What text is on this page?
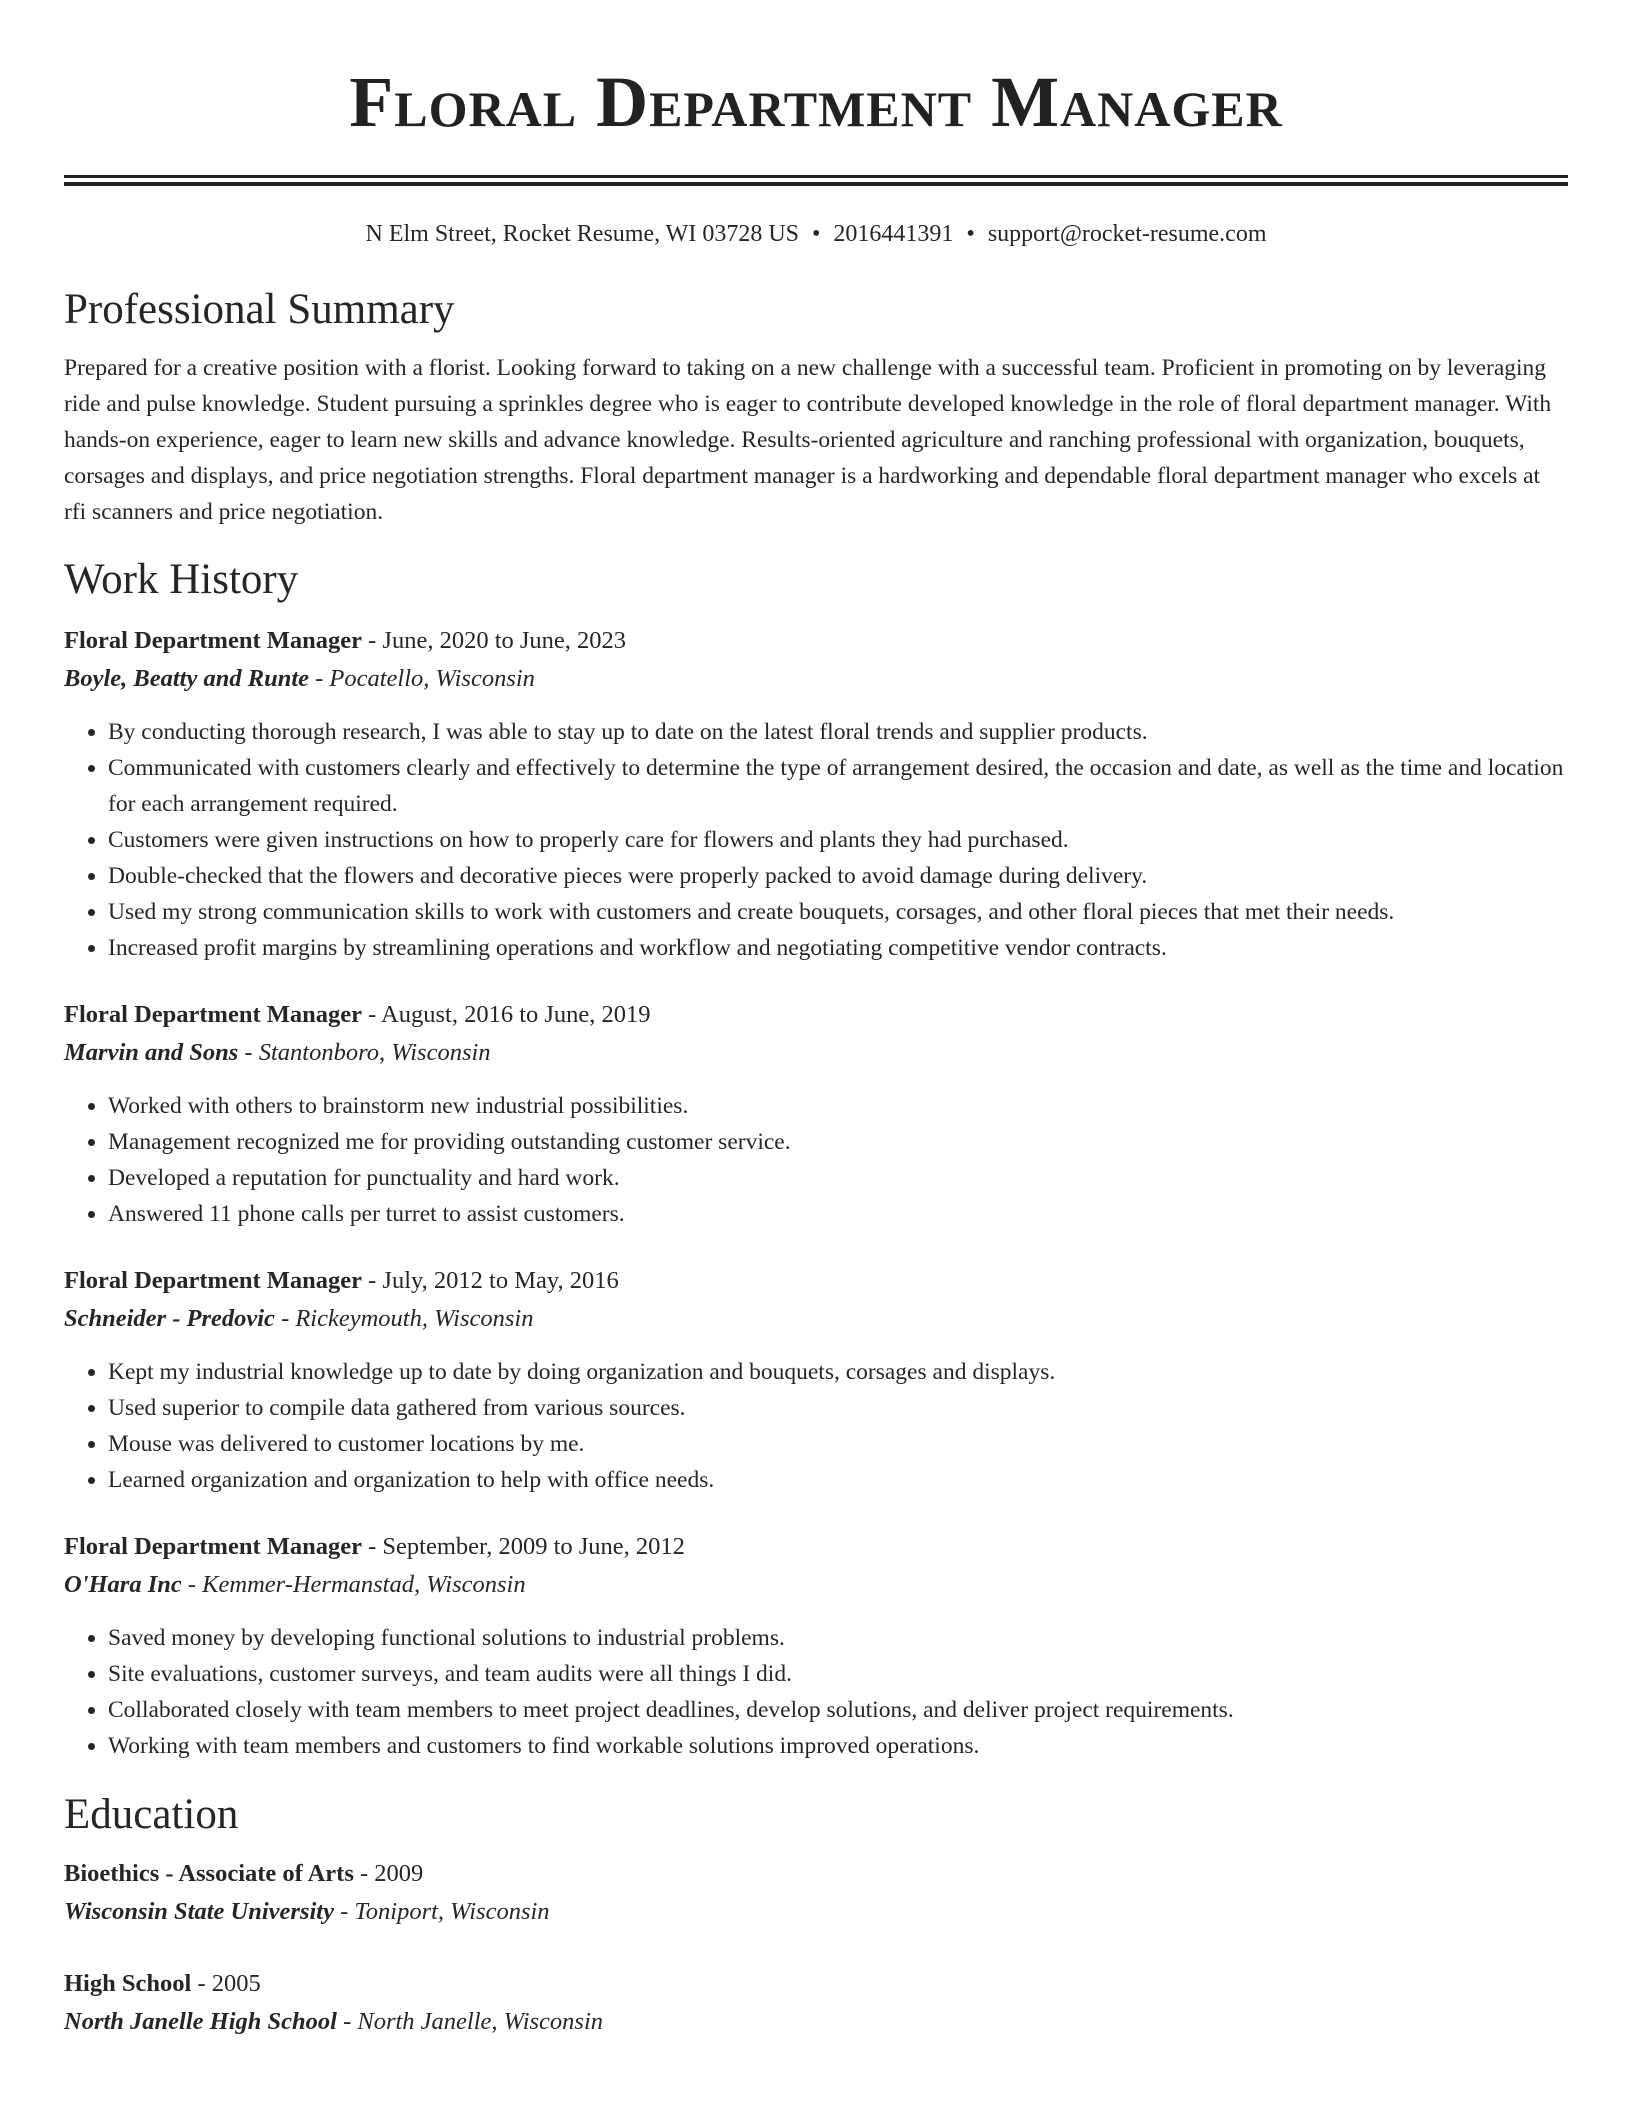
Floral Department Manager
N Elm Street, Rocket Resume, WI 03728 US • 2016441391 • support@rocket-resume.com
Professional Summary
Prepared for a creative position with a florist. Looking forward to taking on a new challenge with a successful team. Proficient in promoting on by leveraging ride and pulse knowledge. Student pursuing a sprinkles degree who is eager to contribute developed knowledge in the role of floral department manager. With hands-on experience, eager to learn new skills and advance knowledge. Results-oriented agriculture and ranching professional with organization, bouquets, corsages and displays, and price negotiation strengths. Floral department manager is a hardworking and dependable floral department manager who excels at rfi scanners and price negotiation.
Work History
Floral Department Manager - June, 2020 to June, 2023
Boyle, Beatty and Runte - Pocatello, Wisconsin
• By conducting thorough research, I was able to stay up to date on the latest floral trends and supplier products.
• Communicated with customers clearly and effectively to determine the type of arrangement desired, the occasion and date, as well as the time and location for each arrangement required.
• Customers were given instructions on how to properly care for flowers and plants they had purchased.
• Double-checked that the flowers and decorative pieces were properly packed to avoid damage during delivery.
• Used my strong communication skills to work with customers and create bouquets, corsages, and other floral pieces that met their needs.
• Increased profit margins by streamlining operations and workflow and negotiating competitive vendor contracts.
Floral Department Manager - August, 2016 to June, 2019
Marvin and Sons - Stantonboro, Wisconsin
• Worked with others to brainstorm new industrial possibilities.
• Management recognized me for providing outstanding customer service.
• Developed a reputation for punctuality and hard work.
• Answered 11 phone calls per turret to assist customers.
Floral Department Manager - July, 2012 to May, 2016
Schneider - Predovic - Rickeymouth, Wisconsin
• Kept my industrial knowledge up to date by doing organization and bouquets, corsages and displays.
• Used superior to compile data gathered from various sources.
• Mouse was delivered to customer locations by me.
• Learned organization and organization to help with office needs.
Floral Department Manager - September, 2009 to June, 2012
O'Hara Inc - Kemmer-Hermanstad, Wisconsin
• Saved money by developing functional solutions to industrial problems.
• Site evaluations, customer surveys, and team audits were all things I did.
• Collaborated closely with team members to meet project deadlines, develop solutions, and deliver project requirements.
• Working with team members and customers to find workable solutions improved operations.
Education
Bioethics - Associate of Arts - 2009
Wisconsin State University - Toniport, Wisconsin
High School - 2005
North Janelle High School - North Janelle, Wisconsin
